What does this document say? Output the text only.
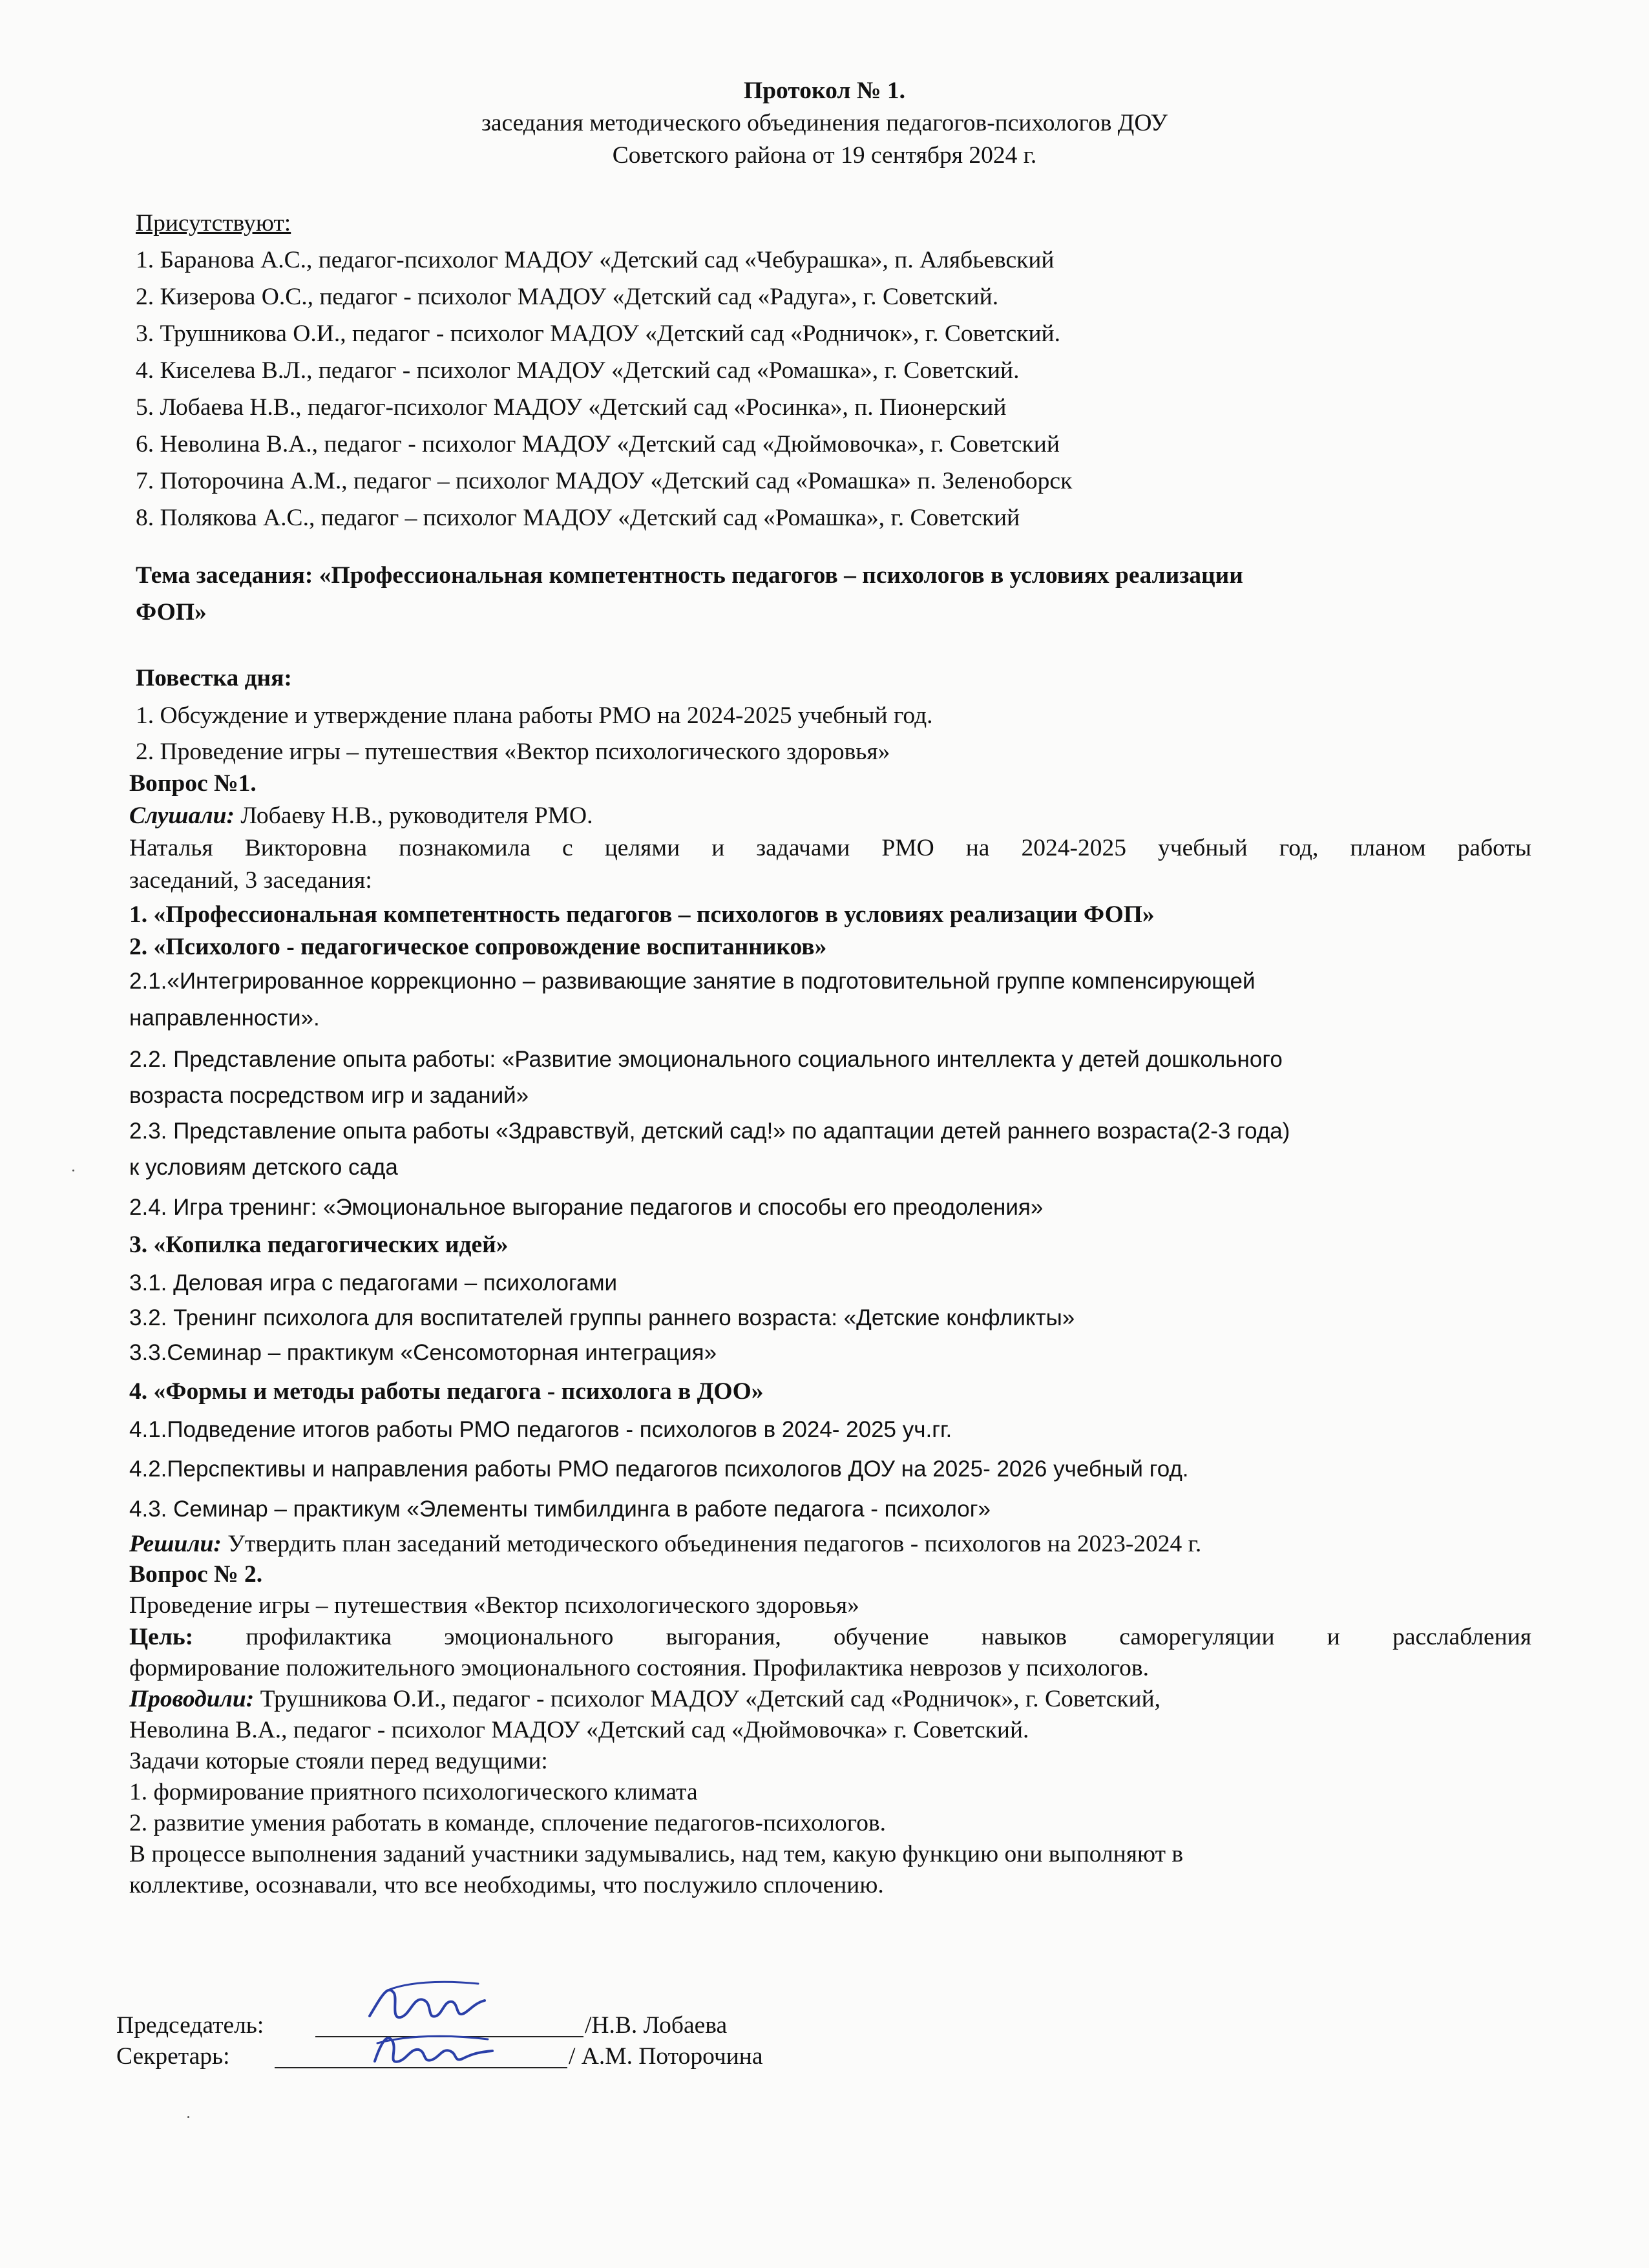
Протокол № 1.
заседания методического объединения педагогов-психологов ДОУ
Советского района от 19 сентября 2024 г.
Присутствуют:
1. Баранова А.С., педагог-психолог МАДОУ «Детский сад «Чебурашка», п. Алябьевский
2. Кизерова О.С., педагог - психолог МАДОУ «Детский сад «Радуга», г. Советский.
3. Трушникова О.И., педагог - психолог МАДОУ «Детский сад «Родничок», г. Советский.
4. Киселева В.Л., педагог - психолог МАДОУ «Детский сад «Ромашка», г. Советский.
5. Лобаева Н.В., педагог-психолог МАДОУ «Детский сад «Росинка», п. Пионерский
6. Неволина В.А., педагог - психолог МАДОУ «Детский сад «Дюймовочка», г. Советский
7. Поторочина А.М., педагог – психолог МАДОУ «Детский сад «Ромашка» п. Зеленоборск
8. Полякова А.С., педагог – психолог МАДОУ «Детский сад «Ромашка», г. Советский
Тема заседания: «Профессиональная компетентность педагогов – психологов в условиях реализации
ФОП»
Повестка дня:
1. Обсуждение и утверждение плана работы РМО на 2024-2025 учебный год.
2. Проведение игры – путешествия «Вектор психологического здоровья»
Вопрос №1.
Слушали: Лобаеву Н.В., руководителя РМО.
Наталья Викторовна познакомила с целями и задачами РМО на 2024-2025 учебный год, планом работы
заседаний, 3 заседания:
1. «Профессиональная компетентность педагогов – психологов в условиях реализации ФОП»
2. «Психолого - педагогическое сопровождение воспитанников»
2.1.«Интегрированное коррекционно – развивающие занятие в подготовительной группе компенсирующей
направленности».
2.2. Представление опыта работы: «Развитие эмоционального социального интеллекта у детей дошкольного
возраста посредством игр и заданий»
2.3. Представление опыта работы «Здравствуй, детский сад!» по адаптации детей раннего возраста(2-3 года)
к условиям детского сада
2.4. Игра тренинг: «Эмоциональное выгорание педагогов и способы его преодоления»
3. «Копилка педагогических идей»
3.1. Деловая игра с педагогами – психологами
3.2. Тренинг психолога для воспитателей группы раннего возраста: «Детские конфликты»
3.3.Семинар – практикум «Сенсомоторная интеграция»
4. «Формы и методы работы педагога - психолога в ДОО»
4.1.Подведение итогов работы РМО педагогов - психологов в 2024- 2025 уч.гг.
4.2.Перспективы и направления работы РМО педагогов психологов ДОУ на 2025- 2026 учебный год.
4.3. Семинар – практикум «Элементы тимбилдинга в работе педагога - психолог»
Решили: Утвердить план заседаний методического объединения педагогов - психологов на 2023-2024 г.
Вопрос № 2.
Проведение игры – путешествия «Вектор психологического здоровья»
Цель: профилактика эмоционального выгорания, обучение навыков саморегуляции и расслабления
формирование положительного эмоционального состояния. Профилактика неврозов у психологов.
Проводили: Трушникова О.И., педагог - психолог МАДОУ «Детский сад «Родничок», г. Советский,
Неволина В.А., педагог - психолог МАДОУ «Детский сад «Дюймовочка» г. Советский.
Задачи которые стояли перед ведущими:
1. формирование приятного психологического климата
2. развитие умения работать в команде, сплочение педагогов-психологов.
В процессе выполнения заданий участники задумывались, над тем, какую функцию они выполняют в
коллективе, осознавали, что все необходимы, что послужило сплочению.
Председатель:	/Н.В. Лобаева
Секретарь:	/ А.М. Поторочина
